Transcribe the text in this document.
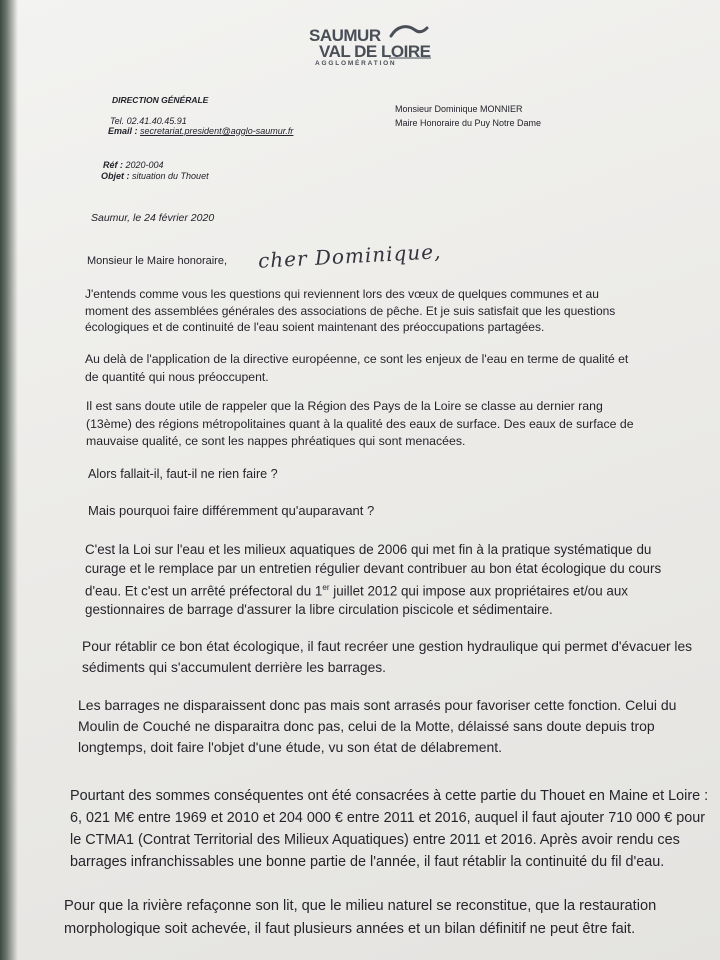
SAUMUR
VAL DE LOIRE
AGGLOMÉRATION
DIRECTION GÉNÉRALE
Tel. 02.41.40.45.91
Email : secretariat.president@agglo-saumur.fr
Monsieur Dominique MONNIER
Maire Honoraire du Puy Notre Dame
Réf : 2020-004
Objet : situation du Thouet
Saumur, le 24 février 2020
Monsieur le Maire honoraire, cher Dominique,

J'entends comme vous les questions qui reviennent lors des vœux de quelques communes et au
moment des assemblées générales des associations de pêche. Et je suis satisfait que les questions
écologiques et de continuité de l'eau soient maintenant des préoccupations partagées.

Au delà de l'application de la directive européenne, ce sont les enjeux de l'eau en terme de qualité et
de quantité qui nous préoccupent.

Il est sans doute utile de rappeler que la Région des Pays de la Loire se classe au dernier rang
(13ème) des régions métropolitaines quant à la qualité des eaux de surface. Des eaux de surface de
mauvaise qualité, ce sont les nappes phréatiques qui sont menacées.

Alors fallait-il, faut-il ne rien faire ?

Mais pourquoi faire différemment qu'auparavant ?

C'est la Loi sur l'eau et les milieux aquatiques de 2006 qui met fin à la pratique systématique du
curage et le remplace par un entretien régulier devant contribuer au bon état écologique du cours
d'eau. Et c'est un arrêté préfectoral du 1er juillet 2012 qui impose aux propriétaires et/ou aux
gestionnaires de barrage d'assurer la libre circulation piscicole et sédimentaire.

Pour rétablir ce bon état écologique, il faut recréer une gestion hydraulique qui permet d'évacuer les
sédiments qui s'accumulent derrière les barrages.

Les barrages ne disparaissent donc pas mais sont arrasés pour favoriser cette fonction. Celui du
Moulin de Couché ne disparaitra donc pas, celui de la Motte, délaissé sans doute depuis trop
longtemps, doit faire l'objet d'une étude, vu son état de délabrement.

Pourtant des sommes conséquentes ont été consacrées à cette partie du Thouet en Maine et Loire :
6, 021 M€ entre 1969 et 2010 et 204 000 € entre 2011 et 2016, auquel il faut ajouter 710 000 € pour
le CTMA1 (Contrat Territorial des Milieux Aquatiques) entre 2011 et 2016. Après avoir rendu ces
barrages infranchissables une bonne partie de l'année, il faut rétablir la continuité du fil d'eau.

Pour que la rivière refaçonne son lit, que le milieu naturel se reconstitue, que la restauration
morphologique soit achevée, il faut plusieurs années et un bilan définitif ne peut être fait.
